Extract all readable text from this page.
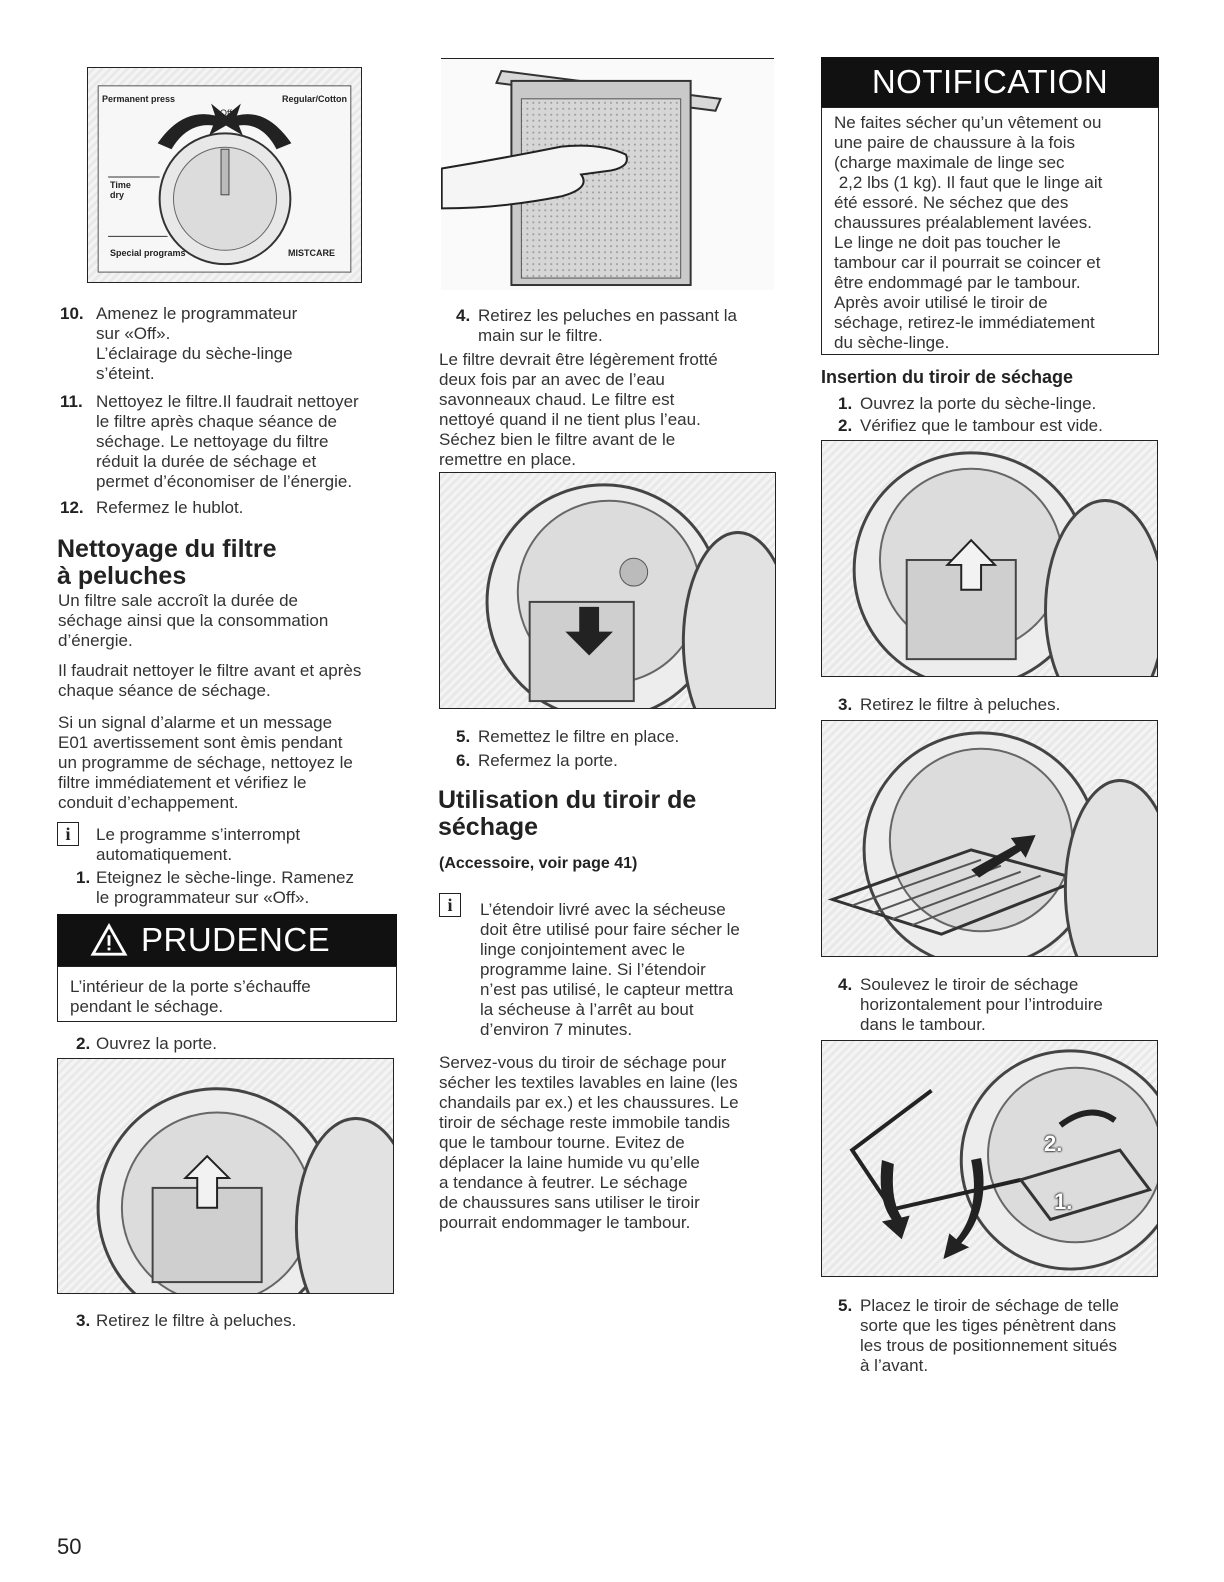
Permanent press
Off
Regular/Cotton
Time dry
Special programs	MISTCARE
10. Amenez le programmateur
sur «Off».
L’éclairage du sèche-linge
s’éteint.
11. Nettoyez le filtre.Il faudrait nettoyer
le filtre après chaque séance de
séchage. Le nettoyage du filtre
réduit la durée de séchage et
permet d’économiser de l’énergie.
12. Refermez le hublot.
Nettoyage du filtre
à peluches
Un filtre sale accroît la durée de
séchage ainsi que la consommation
d’énergie.
Il faudrait nettoyer le filtre avant et après
chaque séance de séchage.
Si un signal d’alarme et un message
E01 avertissement sont èmis pendant
un programme de séchage, nettoyez le
filtre immédiatement et vérifiez le
conduit d’echappement.
i	Le programme s’interrompt
automatiquement.
1. Eteignez le sèche-linge. Ramenez
le programmateur sur «Off».
PRUDENCE
L’intérieur de la porte s’échauffe
pendant le séchage.
2. Ouvrez la porte.
3. Retirez le filtre à peluches.
4. Retirez les peluches en passant la
main sur le filtre.
Le filtre devrait être légèrement frotté
deux fois par an avec de l’eau
savonneaux chaud. Le filtre est
nettoyé quand il ne tient plus l’eau.
Séchez bien le filtre avant de le
remettre en place.
5. Remettez le filtre en place.
6. Refermez la porte.
Utilisation du tiroir de
séchage
(Accessoire, voir page 41)
i	L’étendoir livré avec la sécheuse
doit être utilisé pour faire sécher le
linge conjointement avec le
programme laine. Si l’étendoir
n’est pas utilisé, le capteur mettra
la sécheuse à l’arrêt au bout
d’environ 7 minutes.
Servez-vous du tiroir de séchage pour
sécher les textiles lavables en laine (les
chandails par ex.) et les chaussures. Le
tiroir de séchage reste immobile tandis
que le tambour tourne. Evitez de
déplacer la laine humide vu qu’elle
a tendance à feutrer. Le séchage
de chaussures sans utiliser le tiroir
pourrait endommager le tambour.
NOTIFICATION
Ne faites sécher qu’un vêtement ou
une paire de chaussure à la fois
(charge maximale de linge sec
2,2 lbs (1 kg). Il faut que le linge ait
été essoré. Ne séchez que des
chaussures préalablement lavées.
Le linge ne doit pas toucher le
tambour car il pourrait se coincer et
être endommagé par le tambour.
Après avoir utilisé le tiroir de
séchage, retirez-le immédiatement
du sèche-linge.
Insertion du tiroir de séchage
1. Ouvrez la porte du sèche-linge.
2. Vérifiez que le tambour est vide.
3. Retirez le filtre à peluches.
4. Soulevez le tiroir de séchage
horizontalement pour l’introduire
dans le tambour.
2.
1.
5. Placez le tiroir de séchage de telle
sorte que les tiges pénètrent dans
les trous de positionnement situés
à l’avant.
50
